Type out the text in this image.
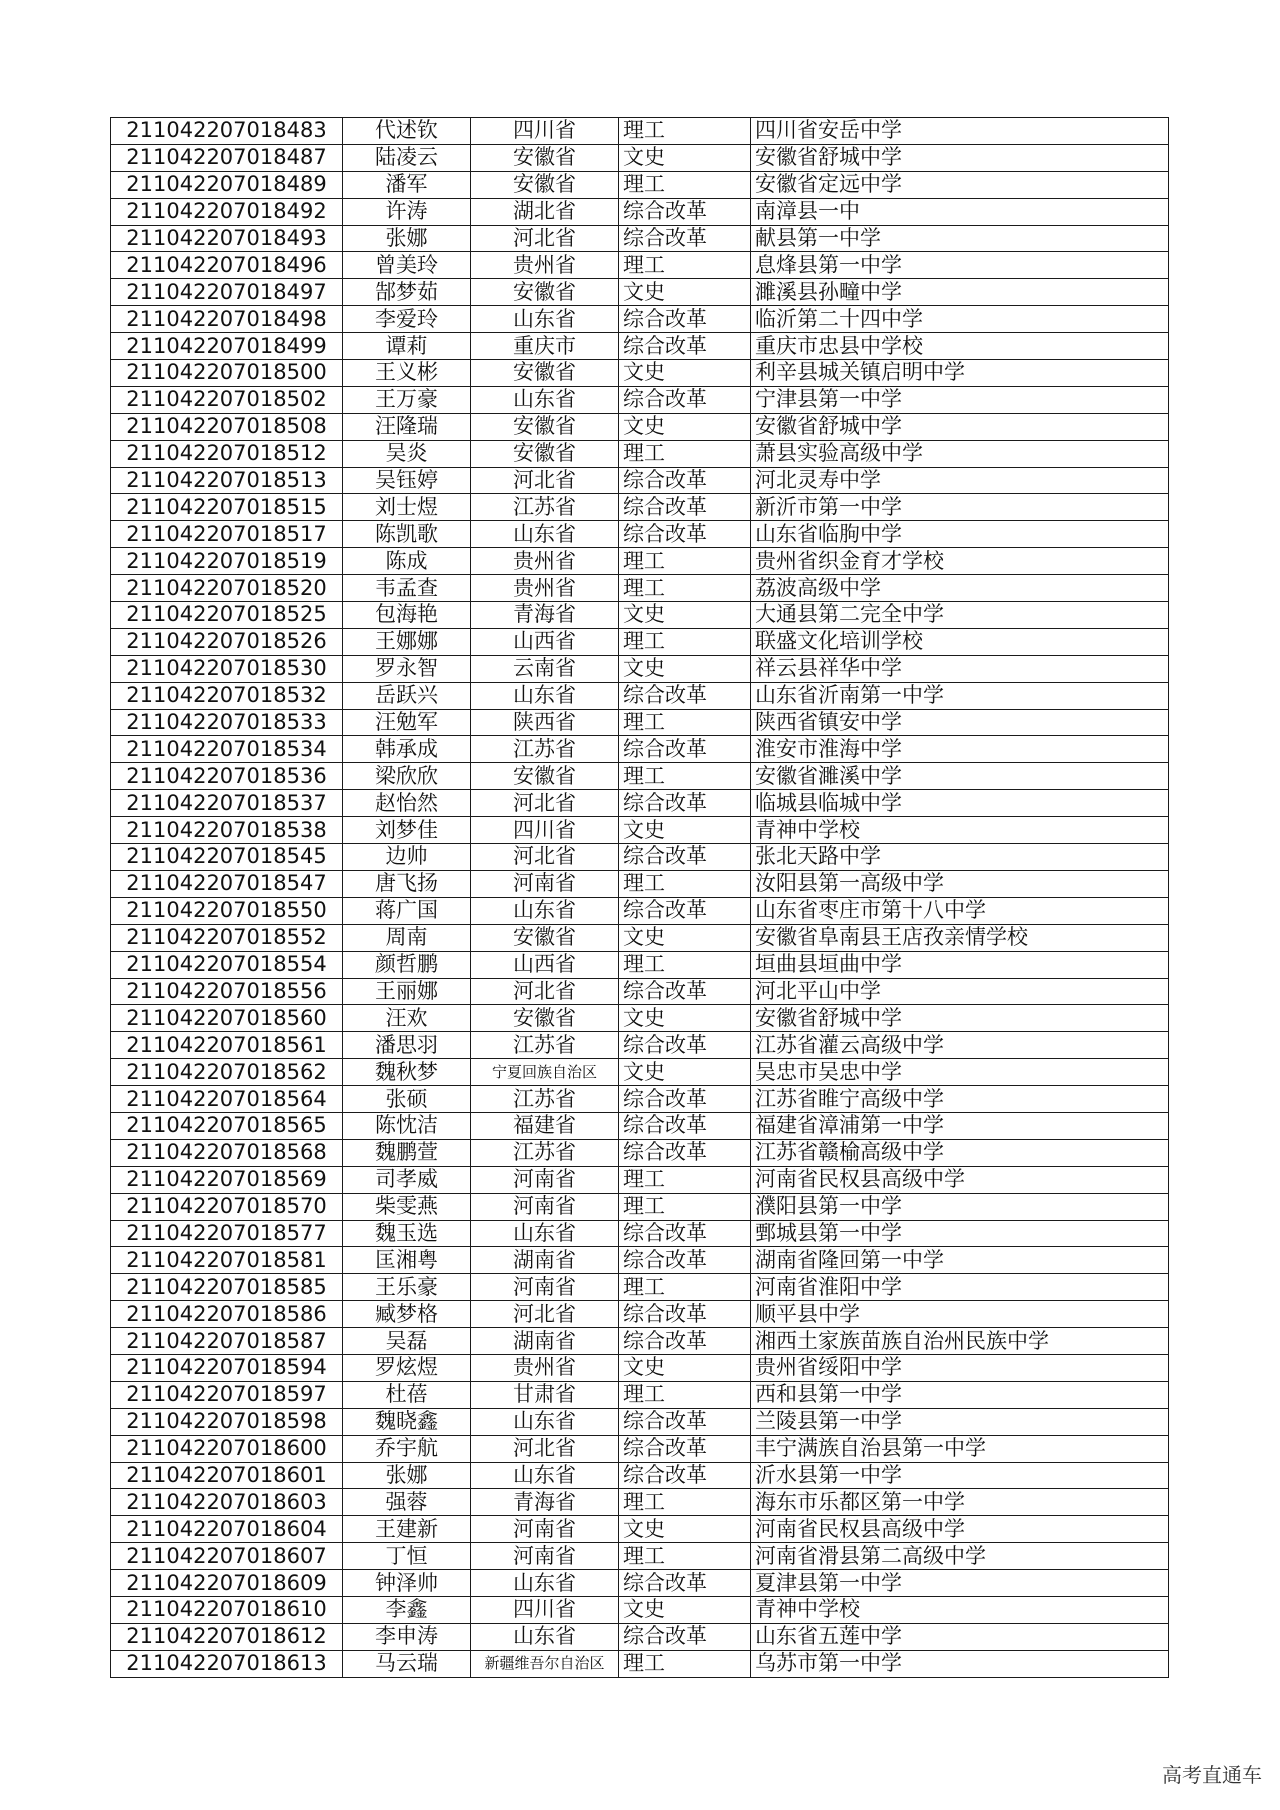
211042207018483	代述钦	四川省	理工	四川省安岳中学
211042207018487	陆凌云	安徽省	文史	安徽省舒城中学
211042207018489	潘军	安徽省	理工	安徽省定远中学
211042207018492	许涛	湖北省	综合改革	南漳县一中
211042207018493	张娜	河北省	综合改革	献县第一中学
211042207018496	曾美玲	贵州省	理工	息烽县第一中学
211042207018497	郜梦茹	安徽省	文史	濉溪县孙疃中学
211042207018498	李爱玲	山东省	综合改革	临沂第二十四中学
211042207018499	谭莉	重庆市	综合改革	重庆市忠县中学校
211042207018500	王义彬	安徽省	文史	利辛县城关镇启明中学
211042207018502	王万豪	山东省	综合改革	宁津县第一中学
211042207018508	汪隆瑞	安徽省	文史	安徽省舒城中学
211042207018512	吴炎	安徽省	理工	萧县实验高级中学
211042207018513	吴钰婷	河北省	综合改革	河北灵寿中学
211042207018515	刘士煜	江苏省	综合改革	新沂市第一中学
211042207018517	陈凯歌	山东省	综合改革	山东省临朐中学
211042207018519	陈成	贵州省	理工	贵州省织金育才学校
211042207018520	韦孟查	贵州省	理工	荔波高级中学
211042207018525	包海艳	青海省	文史	大通县第二完全中学
211042207018526	王娜娜	山西省	理工	联盛文化培训学校
211042207018530	罗永智	云南省	文史	祥云县祥华中学
211042207018532	岳跃兴	山东省	综合改革	山东省沂南第一中学
211042207018533	汪勉军	陕西省	理工	陕西省镇安中学
211042207018534	韩承成	江苏省	综合改革	淮安市淮海中学
211042207018536	梁欣欣	安徽省	理工	安徽省濉溪中学
211042207018537	赵怡然	河北省	综合改革	临城县临城中学
211042207018538	刘梦佳	四川省	文史	青神中学校
211042207018545	边帅	河北省	综合改革	张北天路中学
211042207018547	唐飞扬	河南省	理工	汝阳县第一高级中学
211042207018550	蒋广国	山东省	综合改革	山东省枣庄市第十八中学
211042207018552	周南	安徽省	文史	安徽省阜南县王店孜亲情学校
211042207018554	颜哲鹏	山西省	理工	垣曲县垣曲中学
211042207018556	王丽娜	河北省	综合改革	河北平山中学
211042207018560	汪欢	安徽省	文史	安徽省舒城中学
211042207018561	潘思羽	江苏省	综合改革	江苏省灌云高级中学
211042207018562	魏秋梦	宁夏回族自治区	文史	吴忠市吴忠中学
211042207018564	张硕	江苏省	综合改革	江苏省睢宁高级中学
211042207018565	陈忱洁	福建省	综合改革	福建省漳浦第一中学
211042207018568	魏鹏萱	江苏省	综合改革	江苏省赣榆高级中学
211042207018569	司孝威	河南省	理工	河南省民权县高级中学
211042207018570	柴雯燕	河南省	理工	濮阳县第一中学
211042207018577	魏玉选	山东省	综合改革	鄄城县第一中学
211042207018581	匡湘粤	湖南省	综合改革	湖南省隆回第一中学
211042207018585	王乐豪	河南省	理工	河南省淮阳中学
211042207018586	臧梦格	河北省	综合改革	顺平县中学
211042207018587	吴磊	湖南省	综合改革	湘西土家族苗族自治州民族中学
211042207018594	罗炫煜	贵州省	文史	贵州省绥阳中学
211042207018597	杜蓓	甘肃省	理工	西和县第一中学
211042207018598	魏晓鑫	山东省	综合改革	兰陵县第一中学
211042207018600	乔宇航	河北省	综合改革	丰宁满族自治县第一中学
211042207018601	张娜	山东省	综合改革	沂水县第一中学
211042207018603	强蓉	青海省	理工	海东市乐都区第一中学
211042207018604	王建新	河南省	文史	河南省民权县高级中学
211042207018607	丁恒	河南省	理工	河南省滑县第二高级中学
211042207018609	钟泽帅	山东省	综合改革	夏津县第一中学
211042207018610	李鑫	四川省	文史	青神中学校
211042207018612	李申涛	山东省	综合改革	山东省五莲中学
211042207018613	马云瑞	新疆维吾尔自治区	理工	乌苏市第一中学
高考直通车
